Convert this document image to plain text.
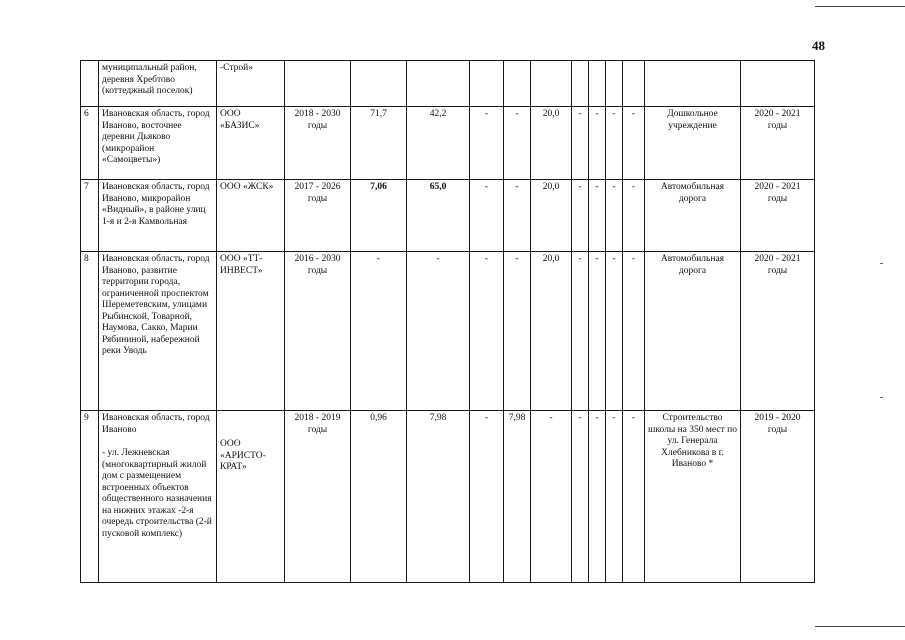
48
	муниципальный район, деревня Хребтово (коттеджный поселок)	-Строй»												
6	Ивановская область, город Иваново, восточнее деревни Дьяково (микрорайон «Самоцветы»)	ООО «БАЗИС»	2018 - 2030 годы	71,7	42,2	-	-	20,0	-	-	-	-	Дошкольное учреждение	2020 - 2021 годы
7	Ивановская область, город Иваново, микрорайон «Видный», в районе улиц 1-я и 2-я Камвольная	ООО «ЖСК»	2017 - 2026 годы	7,06	65,0	-	-	20,0	-	-	-	-	Автомобильная дорога	2020 - 2021 годы
8	Ивановская область, город Иваново, развитие территории города, ограниченной проспектом Шереметевским, улицами Рыбинской, Товарной, Наумова, Сакко, Марии Рябининой, набережной реки Уводь	ООО «ТТ-ИНВЕСТ»	2016 - 2030 годы	-	-	-	-	20,0	-	-	-	-	Автомобильная дорога	2020 - 2021 годы
9	Ивановская область, город Иваново
- ул. Лежневская (многоквартирный жилой дом с размещением встроенных объектов общественного назначения на нижних этажах -2-я очередь строительства (2-й пусковой комплекс)	ООО «АРИСТО-КРАТ»	2018 - 2019 годы	0,96	7,98	-	7,98	-	-	-	-	-	Строительство школы на 350 мест по ул. Генерала Хлебникова в г. Иваново *	2019 - 2020 годы
